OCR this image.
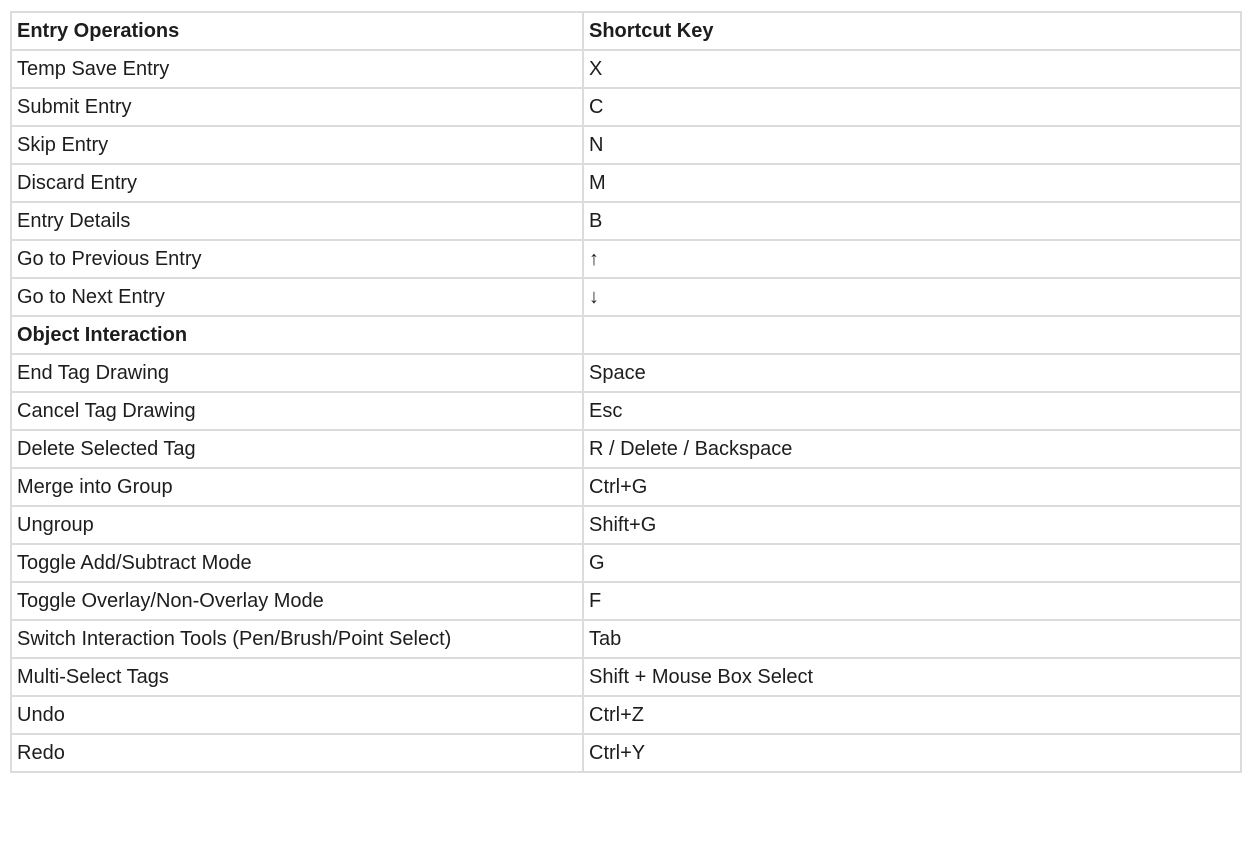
Entry Operations	Shortcut Key
Temp Save Entry	X
Submit Entry	C
Skip Entry	N
Discard Entry	M
Entry Details	B
Go to Previous Entry	↑
Go to Next Entry	↓
Object Interaction	
End Tag Drawing	Space
Cancel Tag Drawing	Esc
Delete Selected Tag	R / Delete / Backspace
Merge into Group	Ctrl+G
Ungroup	Shift+G
Toggle Add/Subtract Mode	G
Toggle Overlay/Non-Overlay Mode	F
Switch Interaction Tools (Pen/Brush/Point Select)	Tab
Multi-Select Tags	Shift + Mouse Box Select
Undo	Ctrl+Z
Redo	Ctrl+Y
